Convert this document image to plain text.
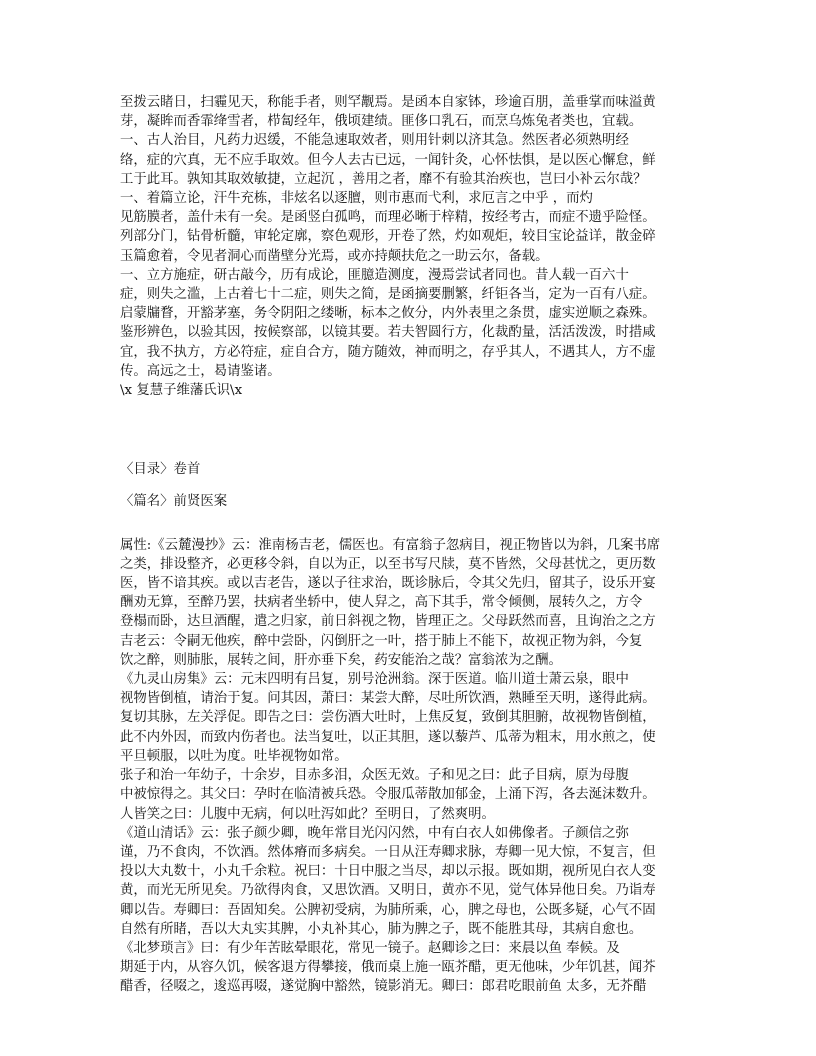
至拨云睹日，扫霾见天，称能手者，则罕觏焉。是函本自家钵，珍逾百朋，盖垂掌而味溢黄
芽，凝眸而香霏绛雪者，栉匐经年，俄顷建绩。匪侈口乳石，而烹乌炼兔者类也，宜载。
一、古人治目，凡药力迟缓，不能急速取效者，则用针刺以济其急。然医者必须熟明经
络，症的穴真，无不应手取效。但今人去古已远，一闻针灸，心怀怯惧，是以医心懈怠，鲜
工于此耳。孰知其取效敏捷，立起沉 ，善用之者，靡不有验其治疾也，岂曰小补云尔哉？
一、着篇立论，汗牛充栋，非炫名以逐膻，则市惠而弋利，求厄言之中乎 ，而灼
见筋膜者，盖什未有一矣。是函竖白孤鸣，而理必晰于梓精，按经考古，而症不遗乎险怪。
列部分门，钻骨析髓，审轮定廓，察色观形，开卷了然，灼如观炬，较目宝论益详，散金碎
玉篇愈着，令见者洞心而凿壁分光焉，或亦持颠扶危之一助云尔，备载。
一、立方施症，研古敲今，历有成论，匪臆造测度，漫焉尝试者同也。昔人载一百六十
症，则失之滥，上古着七十二症，则失之简，是函摘要删繁，纤钜各当，定为一百有八症。
启蒙牖瞀，开豁茅塞，务令阴阳之缕晰，标本之攸分，内外表里之条贯，虚实逆顺之森殊。
鉴形辨色，以验其因，按候察部，以镜其要。若夫智圆行方，化裁酌量，活活泼泼，时措咸
宜，我不执方，方必符症，症自合方，随方随效，神而明之，存乎其人，不遇其人，方不虚
传。高远之士，曷请鉴诸。
\x 复慧子维藩氏识\x
〈目录〉卷首
〈篇名〉前贤医案
属性:《云麓漫抄》云：淮南杨吉老，儒医也。有富翁子忽病目，视正物皆以为斜，几案书席
之类，排设整齐，必更移令斜，自以为正，以至书写尺牍，莫不皆然，父母甚忧之，更历数
医，皆不谙其疾。或以吉老告，遂以子往求治，既诊脉后，令其父先归，留其子，设乐开宴
酬劝无算，至醉乃罢，扶病者坐轿中，使人舁之，高下其手，常令倾侧，展转久之，方令
登榻而卧，达旦酒醒，遣之归家，前日斜视之物，皆理正之。父母跃然而喜，且询治之之方
吉老云：令嗣无他疾，醉中尝卧，闪倒肝之一叶，搭于肺上不能下，故视正物为斜，今复
饮之醉，则肺胀，展转之间，肝亦垂下矣，药安能治之哉？富翁浓为之酬。
《九灵山房集》云：元末四明有吕复，别号沧洲翁。深于医道。临川道士萧云泉，眼中
视物皆倒植，请治于复。问其因，萧曰：某尝大醉，尽吐所饮酒，熟睡至天明，遂得此病。
复切其脉，左关浮促。即告之曰：尝伤酒大吐时，上焦反复，致倒其胆腑，故视物皆倒植，
此不内外因，而致内伤者也。法当复吐，以正其胆，遂以藜芦、瓜蒂为粗末，用水煎之，使
平旦顿服，以吐为度。吐毕视物如常。
张子和治一年幼子，十余岁，目赤多泪，众医无效。子和见之曰：此子目病，原为母腹
中被惊得之。其父曰：孕时在临清被兵恐。令服瓜蒂散加郁金，上涌下泻，各去涎沫数升。
人皆笑之曰：儿腹中无病，何以吐泻如此？至明日，了然爽明。
《道山清话》云：张子颜少卿，晚年常目光闪闪然，中有白衣人如佛像者。子颜信之弥
谨，乃不食肉，不饮酒。然体瘠而多病矣。一日从汪寿卿求脉，寿卿一见大惊，不复言，但
投以大丸数十，小丸千余粒。祝曰：十日中服之当尽，却以示报。既如期，视所见白衣人变
黄，而光无所见矣。乃欲得肉食，又思饮酒。又明日，黄亦不见，觉气体异他日矣。乃诣寿
卿以告。寿卿曰：吾固知矣。公脾初受病，为肺所乘，心，脾之母也，公既多疑，心气不固
自然有所睹，吾以大丸实其脾，小丸补其心，肺为脾之子，既不能胜其母，其病自愈也。
《北梦琐言》曰：有少年苦眩晕眼花，常见一镜子。赵卿诊之曰：来晨以鱼 奉候。及
期延于内，从容久饥，候客退方得攀接，俄而桌上施一瓯芥醋，更无他味，少年饥甚，闻芥
醋香，径啜之，逡巡再啜，遂觉胸中豁然，镜影消无。卿曰：郎君吃眼前鱼 太多，无芥醋
